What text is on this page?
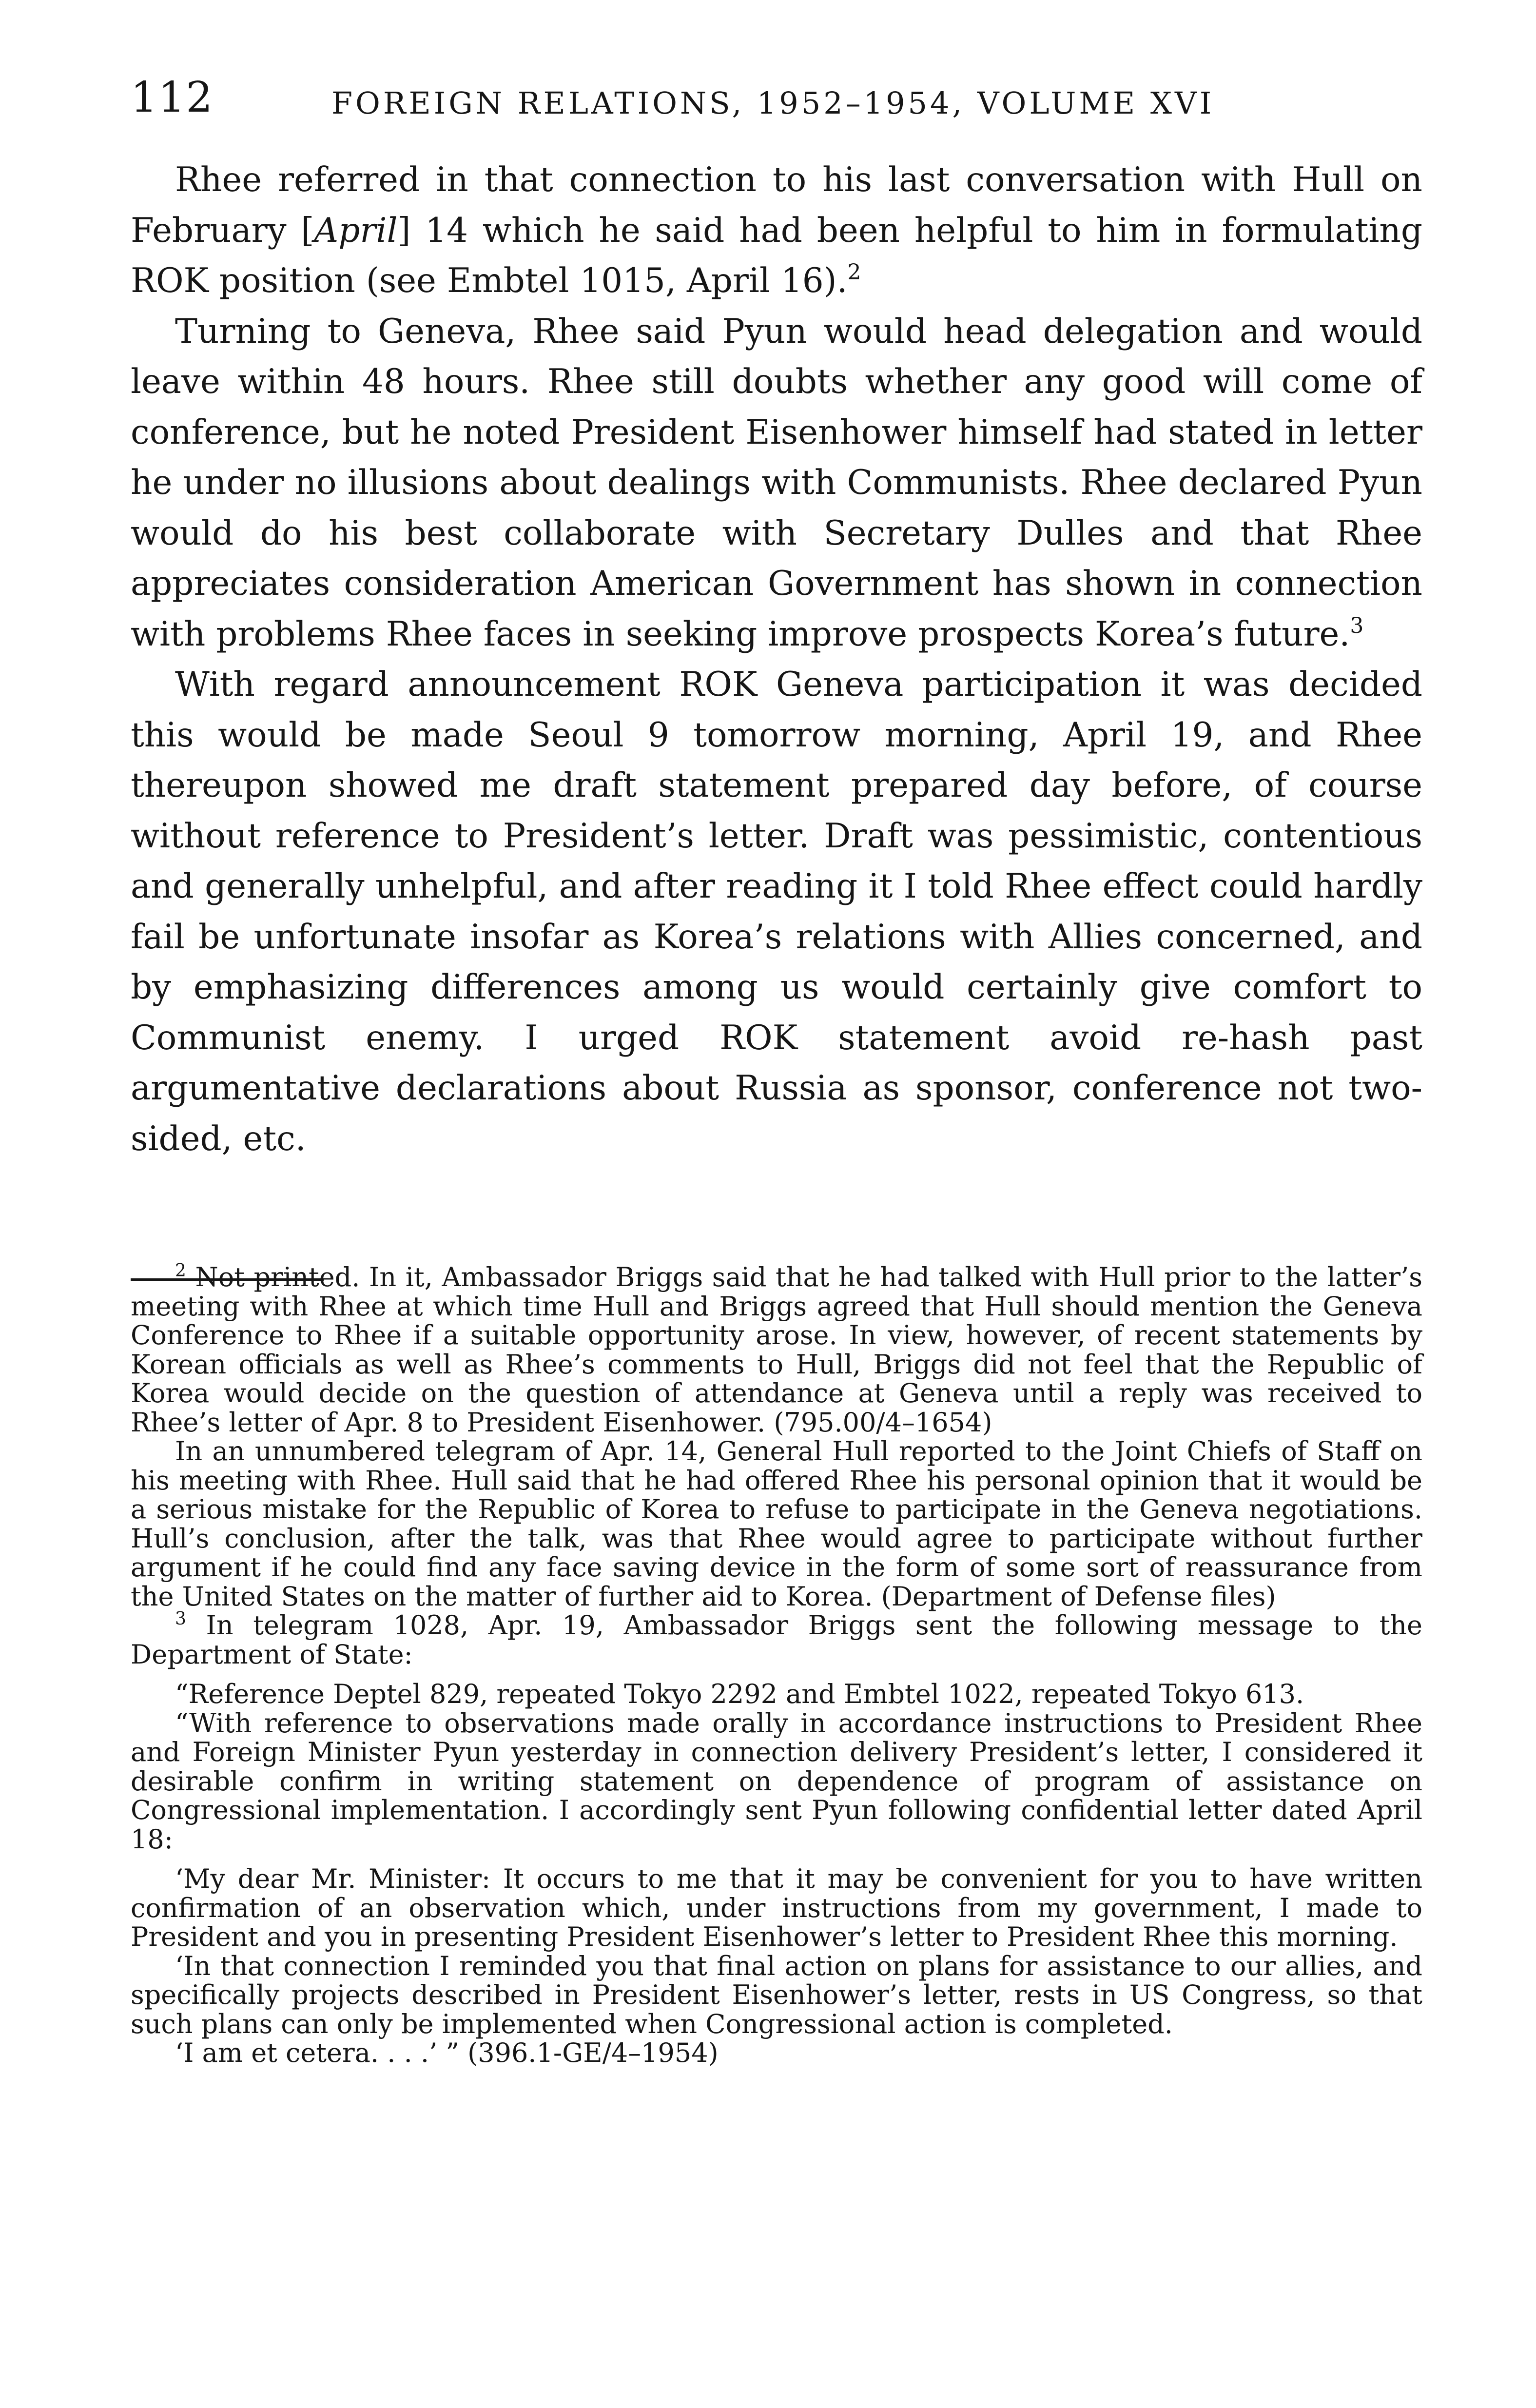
112	FOREIGN RELATIONS, 1952–1954, VOLUME XVI

Rhee referred in that connection to his last conversation with Hull on February [April] 14 which he said had been helpful to him in formulating ROK position (see Embtel 1015, April 16).$^2$

Turning to Geneva, Rhee said Pyun would head delegation and would leave within 48 hours. Rhee still doubts whether any good will come of conference, but he noted President Eisenhower himself had stated in letter he under no illusions about dealings with Communists. Rhee declared Pyun would do his best collaborate with Secretary Dulles and that Rhee appreciates consideration American Government has shown in connection with problems Rhee faces in seeking improve prospects Korea’s future.$^3$

With regard announcement ROK Geneva participation it was decided this would be made Seoul 9 tomorrow morning, April 19, and Rhee thereupon showed me draft statement prepared day before, of course without reference to President’s letter. Draft was pessimistic, contentious and generally unhelpful, and after reading it I told Rhee effect could hardly fail be unfortunate insofar as Korea’s relations with Allies concerned, and by emphasizing differences among us would certainly give comfort to Communist enemy. I urged ROK statement avoid re-hash past argumentative declarations about Russia as sponsor, conference not two-sided, etc.

$^2$ Not printed. In it, Ambassador Briggs said that he had talked with Hull prior to the latter’s meeting with Rhee at which time Hull and Briggs agreed that Hull should mention the Geneva Conference to Rhee if a suitable opportunity arose. In view, however, of recent statements by Korean officials as well as Rhee’s comments to Hull, Briggs did not feel that the Republic of Korea would decide on the question of attendance at Geneva until a reply was received to Rhee’s letter of Apr. 8 to President Eisenhower. (795.00/4–1654)

In an unnumbered telegram of Apr. 14, General Hull reported to the Joint Chiefs of Staff on his meeting with Rhee. Hull said that he had offered Rhee his personal opinion that it would be a serious mistake for the Republic of Korea to refuse to participate in the Geneva negotiations. Hull’s conclusion, after the talk, was that Rhee would agree to participate without further argument if he could find any face saving device in the form of some sort of reassurance from the United States on the matter of further aid to Korea. (Department of Defense files)

$^3$ In telegram 1028, Apr. 19, Ambassador Briggs sent the following message to the Department of State:

“Reference Deptel 829, repeated Tokyo 2292 and Embtel 1022, repeated Tokyo 613.

“With reference to observations made orally in accordance instructions to President Rhee and Foreign Minister Pyun yesterday in connection delivery President’s letter, I considered it desirable confirm in writing statement on dependence of program of assistance on Congressional implementation. I accordingly sent Pyun following confidential letter dated April 18:

‘My dear Mr. Minister: It occurs to me that it may be convenient for you to have written confirmation of an observation which, under instructions from my government, I made to President and you in presenting President Eisenhower’s letter to President Rhee this morning.

‘In that connection I reminded you that final action on plans for assistance to our allies, and specifically projects described in President Eisenhower’s letter, rests in US Congress, so that such plans can only be implemented when Congressional action is completed.

‘I am et cetera. . . .’ ” (396.1-GE/4–1954)
